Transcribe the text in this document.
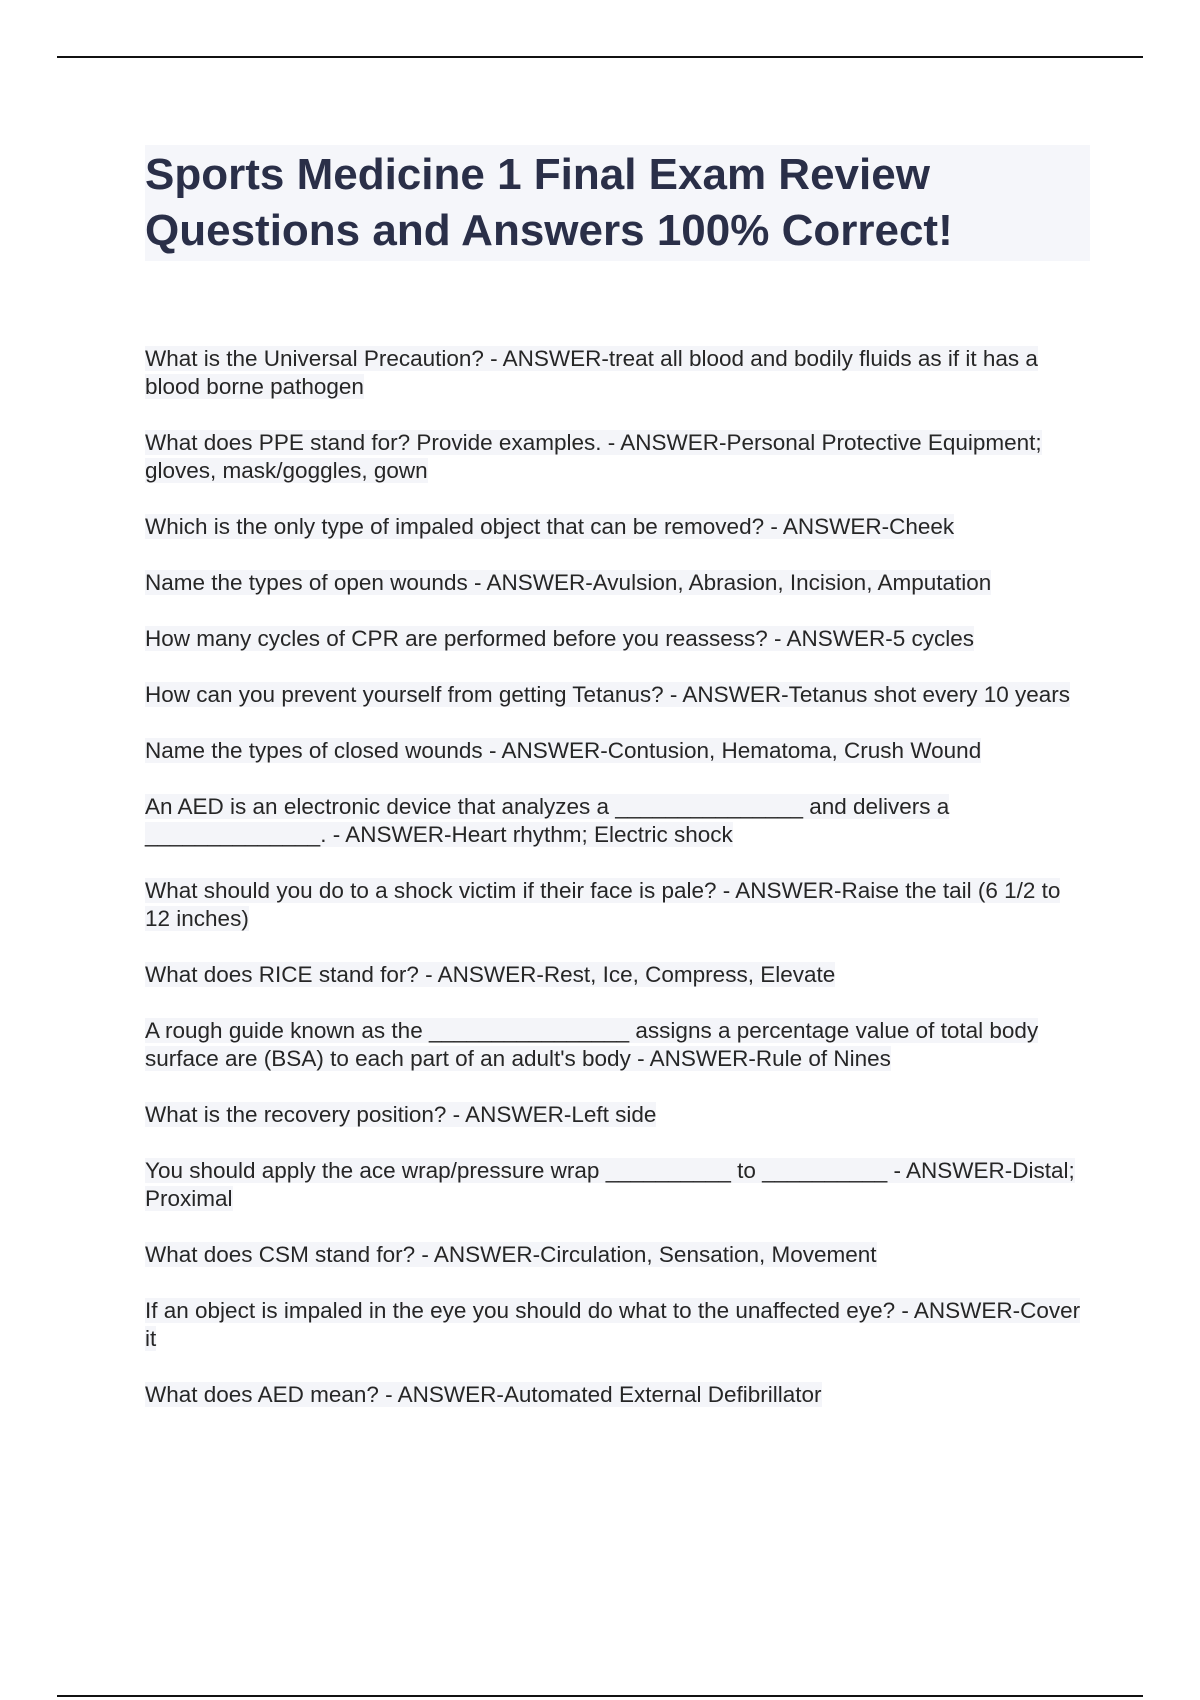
Sports Medicine 1 Final Exam Review Questions and Answers 100% Correct!

What is the Universal Precaution? - ANSWER-treat all blood and bodily fluids as if it has a blood borne pathogen

What does PPE stand for? Provide examples. - ANSWER-Personal Protective Equipment; gloves, mask/goggles, gown

Which is the only type of impaled object that can be removed? - ANSWER-Cheek

Name the types of open wounds - ANSWER-Avulsion, Abrasion, Incision, Amputation

How many cycles of CPR are performed before you reassess? - ANSWER-5 cycles

How can you prevent yourself from getting Tetanus? - ANSWER-Tetanus shot every 10 years

Name the types of closed wounds - ANSWER-Contusion, Hematoma, Crush Wound

An AED is an electronic device that analyzes a _______________ and delivers a ______________. - ANSWER-Heart rhythm; Electric shock

What should you do to a shock victim if their face is pale? - ANSWER-Raise the tail (6 1/2 to 12 inches)

What does RICE stand for? - ANSWER-Rest, Ice, Compress, Elevate

A rough guide known as the ________________ assigns a percentage value of total body surface are (BSA) to each part of an adult's body - ANSWER-Rule of Nines

What is the recovery position? - ANSWER-Left side

You should apply the ace wrap/pressure wrap __________ to __________ - ANSWER-Distal; Proximal

What does CSM stand for? - ANSWER-Circulation, Sensation, Movement

If an object is impaled in the eye you should do what to the unaffected eye? - ANSWER-Cover it

What does AED mean? - ANSWER-Automated External Defibrillator
